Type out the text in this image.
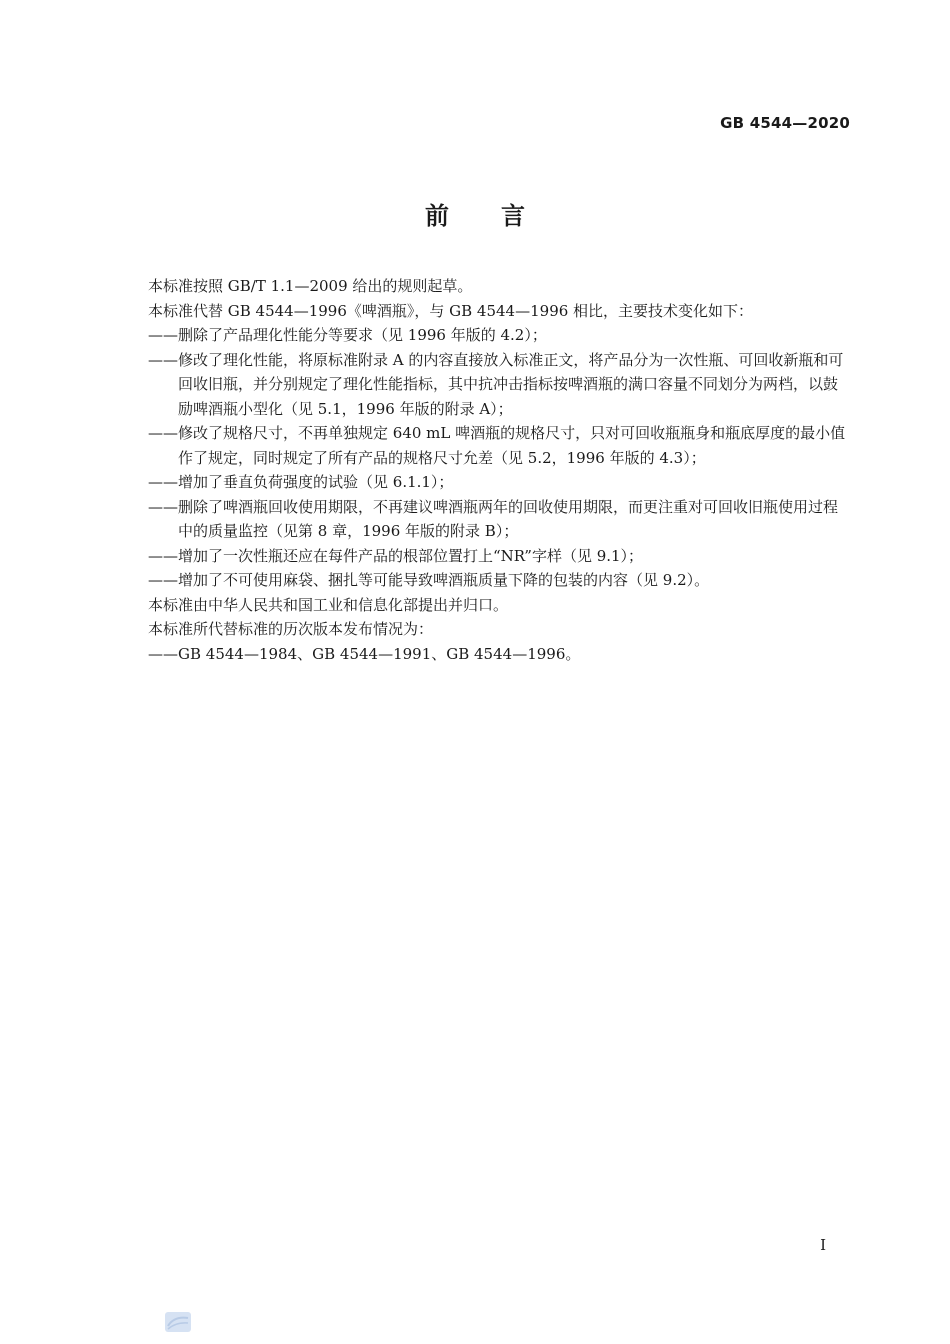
GB 4544—2020
前言

本标准按照 GB/T 1.1—2009 给出的规则起草。

本标准代替 GB 4544—1996《啤酒瓶》，与 GB 4544—1996 相比，主要技术变化如下：

——删除了产品理化性能分等要求（见 1996 年版的 4.2）；

——修改了理化性能，将原标准附录 A 的内容直接放入标准正文，将产品分为一次性瓶、可回收新瓶和可回收旧瓶，并分别规定了理化性能指标，其中抗冲击指标按啤酒瓶的满口容量不同划分为两档，以鼓励啤酒瓶小型化（见 5.1，1996 年版的附录 A）；

——修改了规格尺寸，不再单独规定 640 mL 啤酒瓶的规格尺寸，只对可回收瓶瓶身和瓶底厚度的最小值作了规定，同时规定了所有产品的规格尺寸允差（见 5.2，1996 年版的 4.3）；

——增加了垂直负荷强度的试验（见 6.1.1）；

——删除了啤酒瓶回收使用期限，不再建议啤酒瓶两年的回收使用期限，而更注重对可回收旧瓶使用过程中的质量监控（见第 8 章，1996 年版的附录 B）；

——增加了一次性瓶还应在每件产品的根部位置打上“NR”字样（见 9.1）；

——增加了不可使用麻袋、捆扎等可能导致啤酒瓶质量下降的包装的内容（见 9.2）。

本标准由中华人民共和国工业和信息化部提出并归口。

本标准所代替标准的历次版本发布情况为：

——GB 4544—1984、GB 4544—1991、GB 4544—1996。

I
